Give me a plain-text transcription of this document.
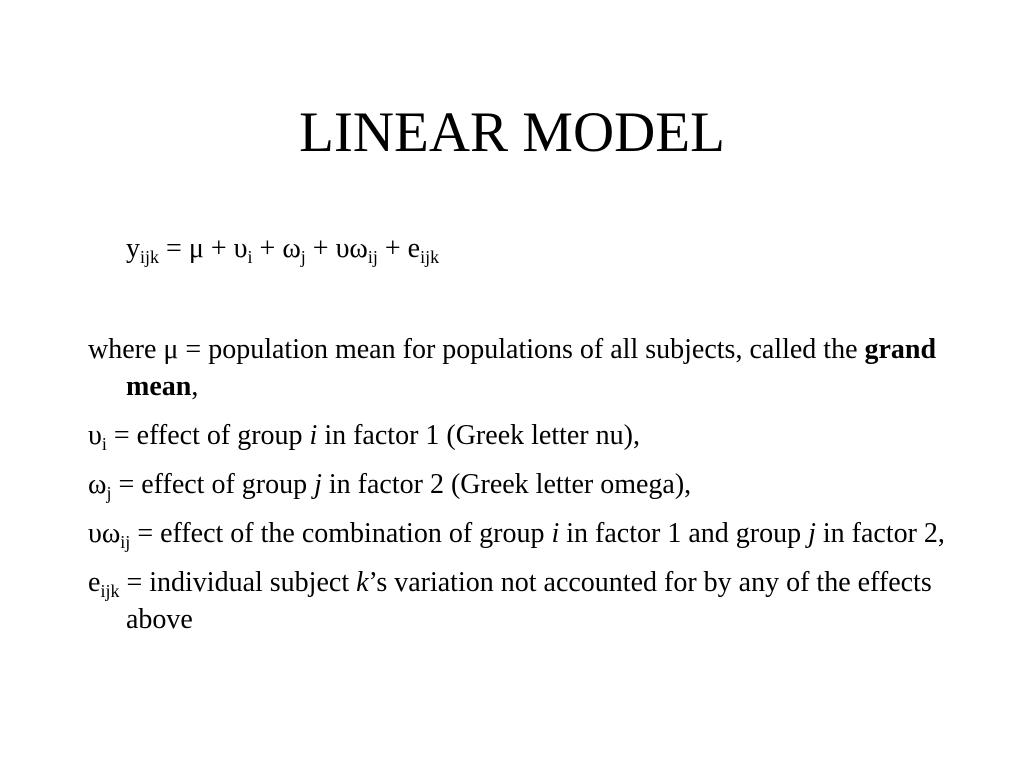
LINEAR MODEL
$y_{ijk} = \mu + \upsilon_i + \omega_j + \upsilon\omega_{ij} + e_{ijk}$

where μ = population mean for populations of all subjects, called the grand mean,

$\upsilon_i$ = effect of group i in factor 1 (Greek letter nu),

$\omega_j$ = effect of group j in factor 2 (Greek letter omega),

$\upsilon\omega_{ij}$ = effect of the combination of group i in factor 1 and group j in factor 2,

$e_{ijk}$ = individual subject k’s variation not accounted for by any of the effects above
